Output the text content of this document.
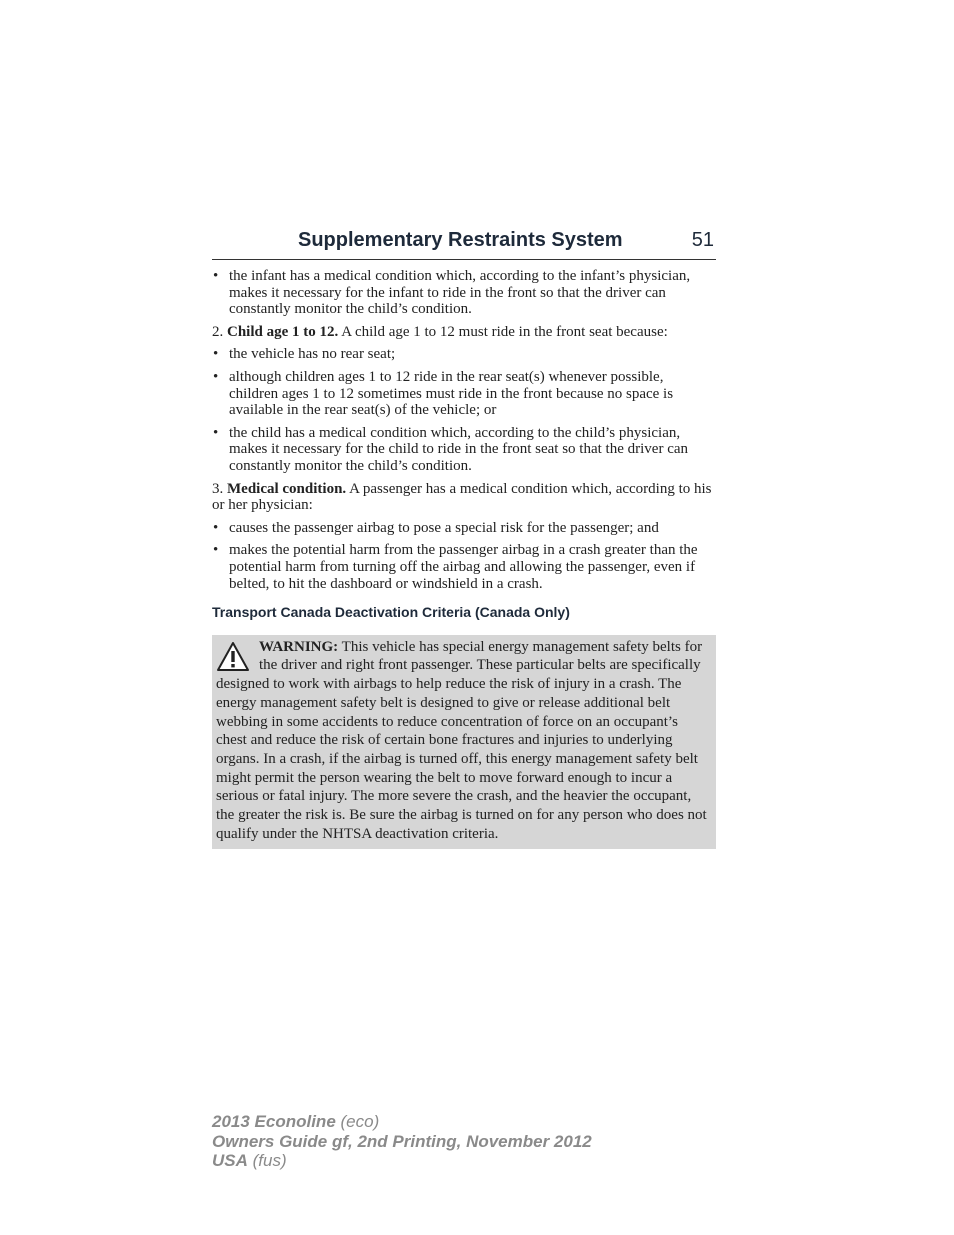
Supplementary Restraints System	51
• the infant has a medical condition which, according to the infant’s physician, makes it necessary for the infant to ride in the front so that the driver can constantly monitor the child’s condition.
2. Child age 1 to 12. A child age 1 to 12 must ride in the front seat because:
• the vehicle has no rear seat;
• although children ages 1 to 12 ride in the rear seat(s) whenever possible, children ages 1 to 12 sometimes must ride in the front because no space is available in the rear seat(s) of the vehicle; or
• the child has a medical condition which, according to the child’s physician, makes it necessary for the child to ride in the front seat so that the driver can constantly monitor the child’s condition.
3. Medical condition. A passenger has a medical condition which, according to his or her physician:
• causes the passenger airbag to pose a special risk for the passenger; and
• makes the potential harm from the passenger airbag in a crash greater than the potential harm from turning off the airbag and allowing the passenger, even if belted, to hit the dashboard or windshield in a crash.
Transport Canada Deactivation Criteria (Canada Only)
WARNING: This vehicle has special energy management safety belts for the driver and right front passenger. These particular belts are specifically designed to work with airbags to help reduce the risk of injury in a crash. The energy management safety belt is designed to give or release additional belt webbing in some accidents to reduce concentration of force on an occupant’s chest and reduce the risk of certain bone fractures and injuries to underlying organs. In a crash, if the airbag is turned off, this energy management safety belt might permit the person wearing the belt to move forward enough to incur a serious or fatal injury. The more severe the crash, and the heavier the occupant, the greater the risk is. Be sure the airbag is turned on for any person who does not qualify under the NHTSA deactivation criteria.
2013 Econoline (eco)
Owners Guide gf, 2nd Printing, November 2012
USA (fus)
